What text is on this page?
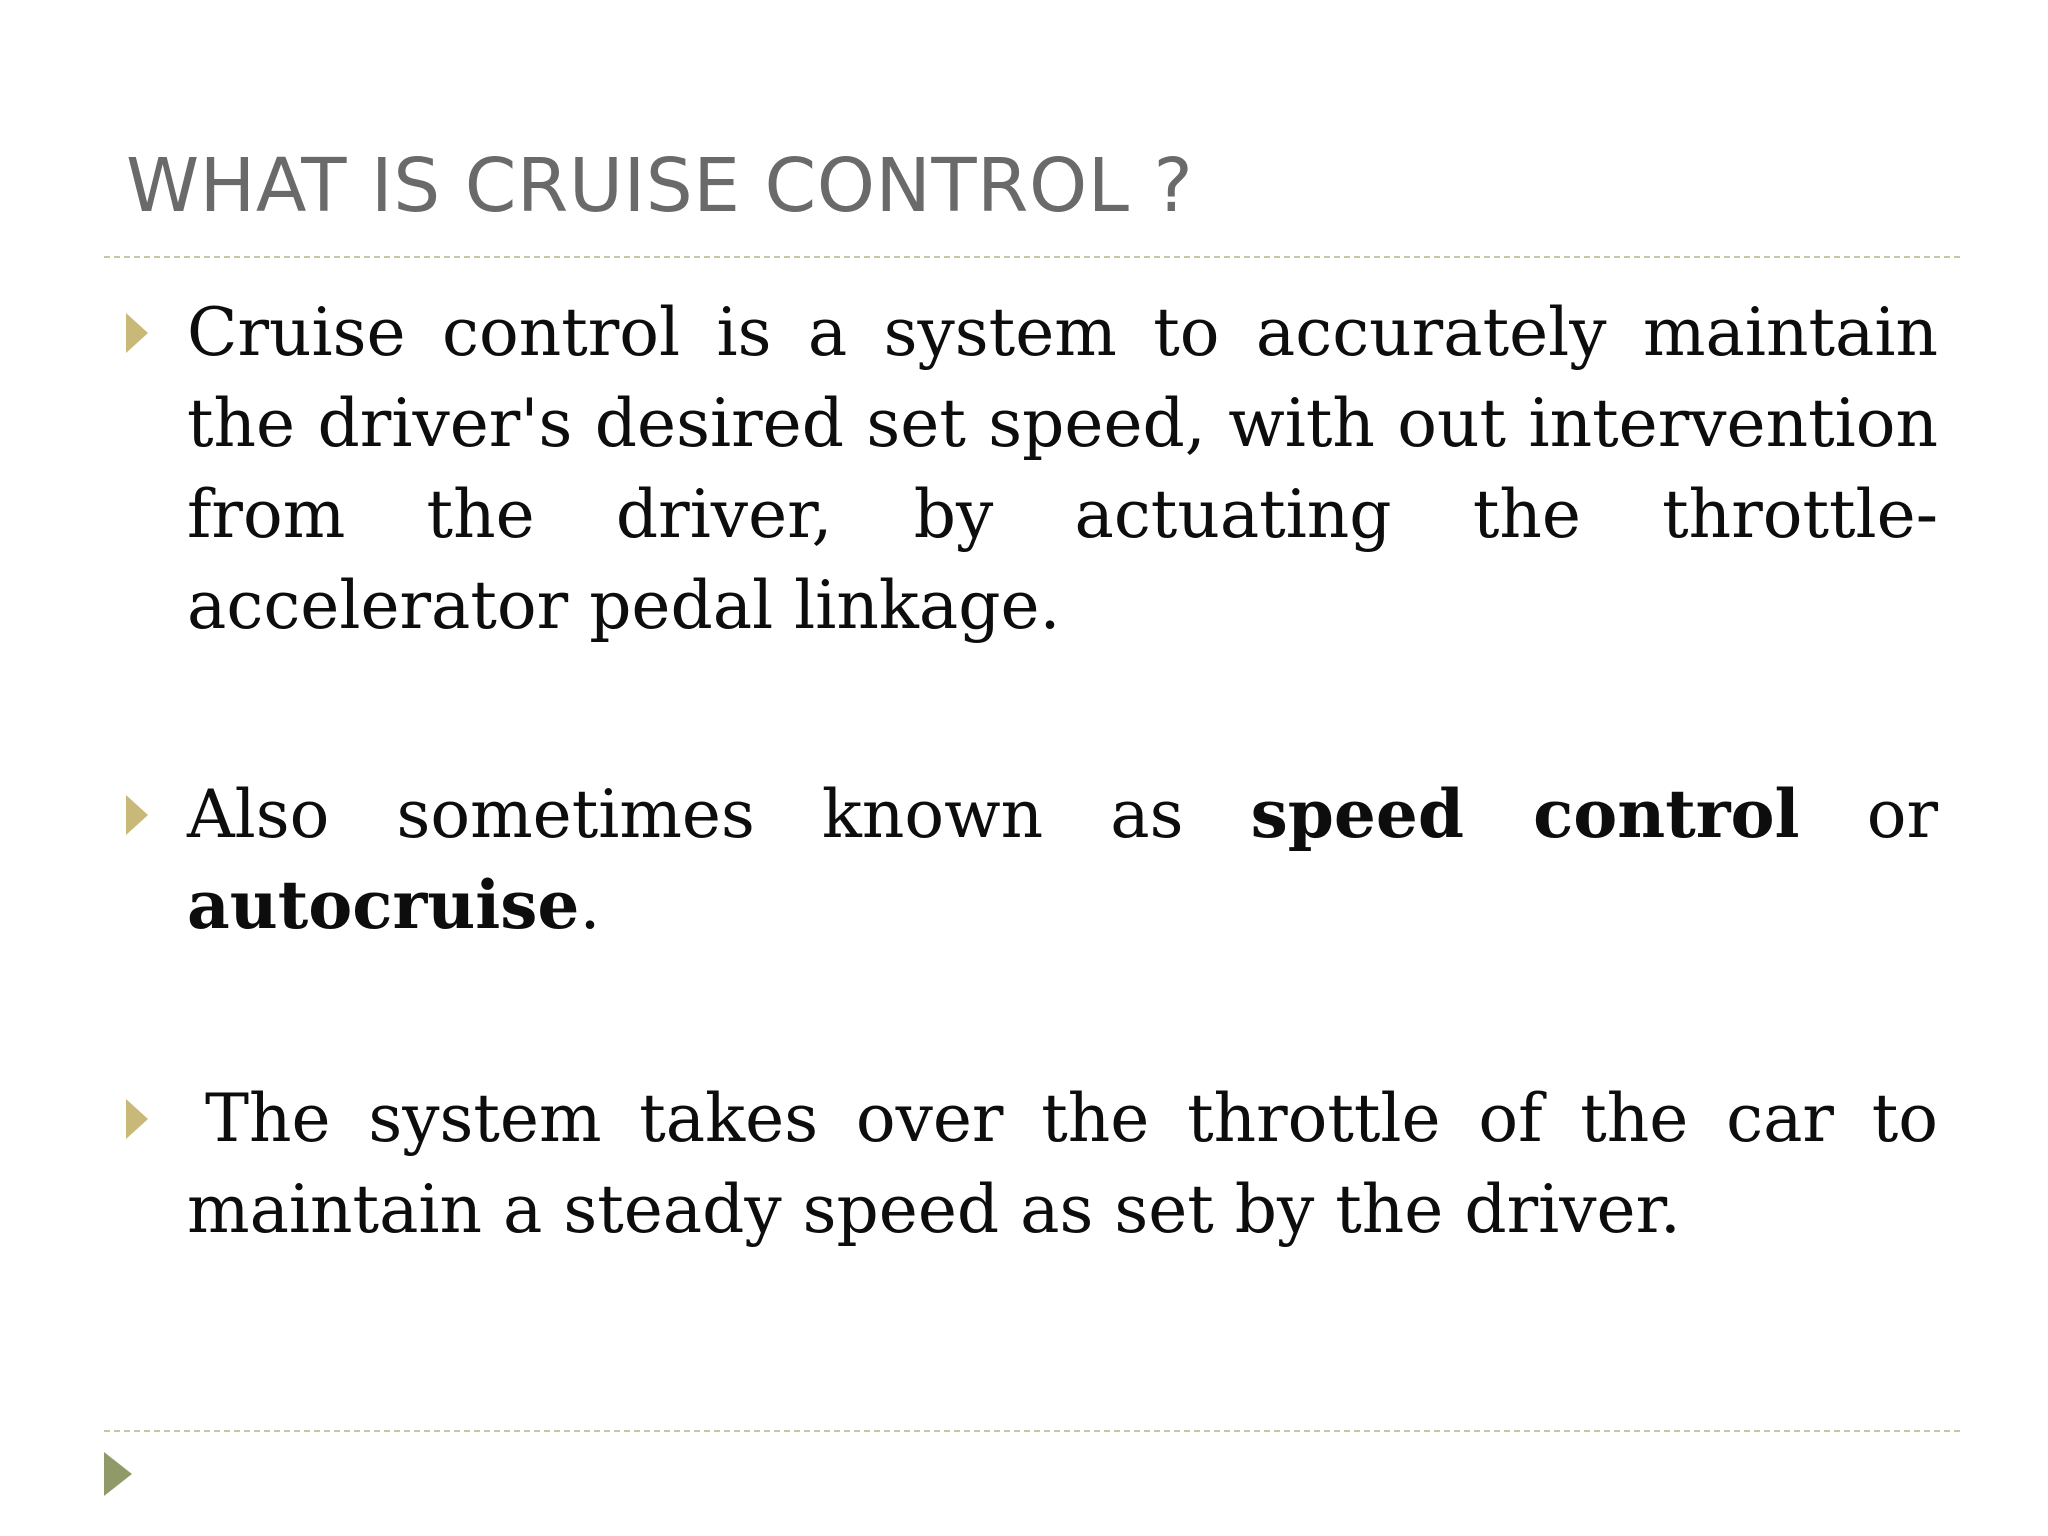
WHAT IS CRUISE CONTROL ?

Cruise control is a system to accurately maintain the driver's desired set speed, with out intervention from the driver, by actuating the throttle-accelerator pedal linkage.

Also sometimes known as speed control or autocruise.

The system takes over the throttle of the car to maintain a steady speed as set by the driver.
